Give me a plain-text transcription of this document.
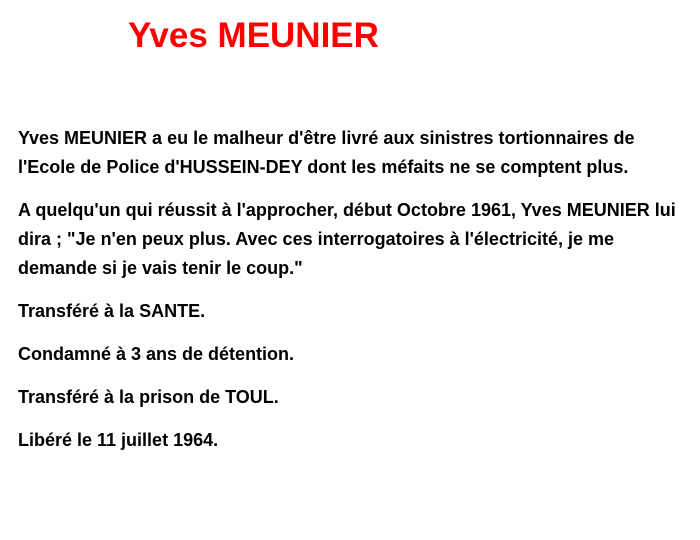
Yves MEUNIER

Yves MEUNIER a eu le malheur d'être livré aux sinistres tortionnaires de l'Ecole de Police d'HUSSEIN-DEY dont les méfaits ne se comptent plus.

A quelqu'un qui réussit à l'approcher, début Octobre 1961, Yves MEUNIER lui dira ; "Je n'en peux plus. Avec ces interrogatoires à l'électricité, je me demande si je vais tenir le coup."

Transféré à la SANTE.

Condamné à 3 ans de détention.

Transféré à la prison de TOUL.

Libéré le 11 juillet 1964.
